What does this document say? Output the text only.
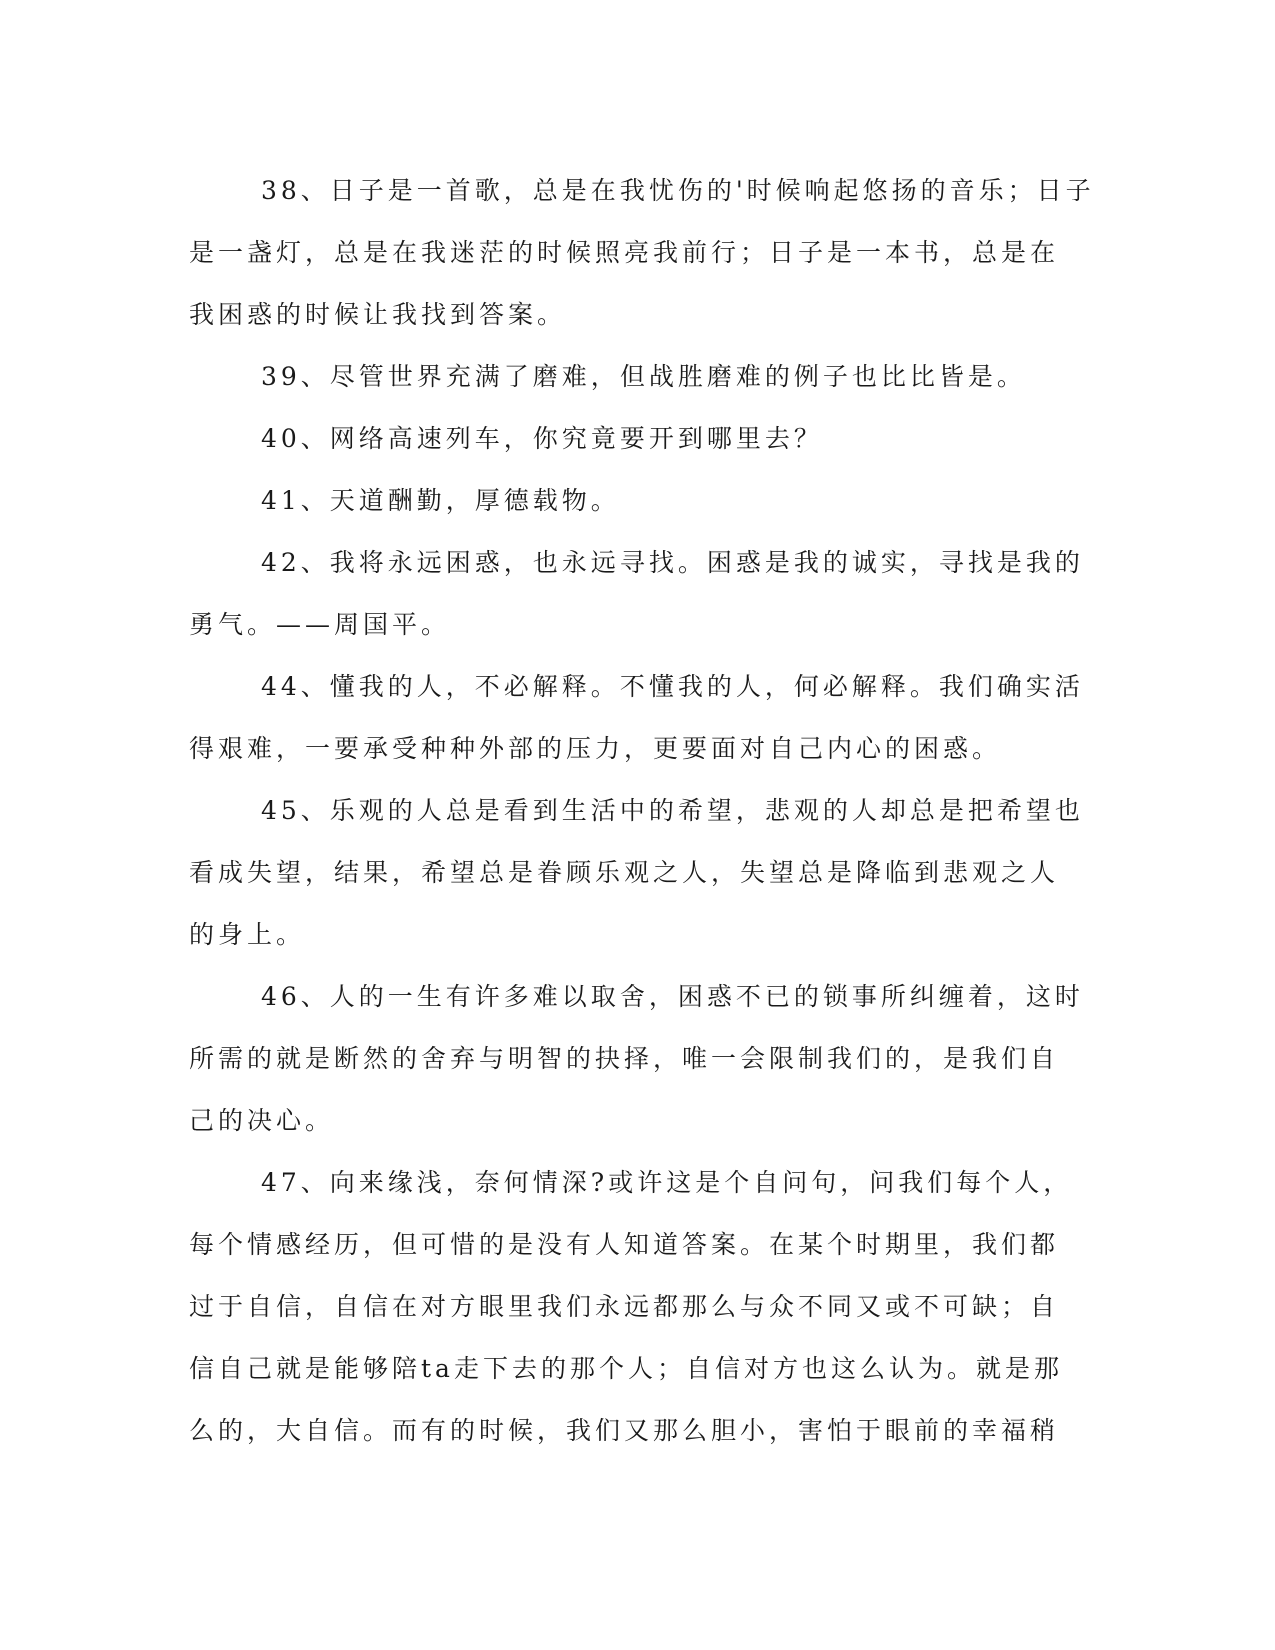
38、日子是一首歌，总是在我忧伤的'时候响起悠扬的音乐；日子
是一盏灯，总是在我迷茫的时候照亮我前行；日子是一本书，总是在
我困惑的时候让我找到答案。
39、尽管世界充满了磨难，但战胜磨难的例子也比比皆是。
40、网络高速列车，你究竟要开到哪里去？
41、天道酬勤，厚德载物。
42、我将永远困惑，也永远寻找。困惑是我的诚实，寻找是我的
勇气。——周国平。
44、懂我的人，不必解释。不懂我的人，何必解释。我们确实活
得艰难，一要承受种种外部的压力，更要面对自己内心的困惑。
45、乐观的人总是看到生活中的希望，悲观的人却总是把希望也
看成失望，结果，希望总是眷顾乐观之人，失望总是降临到悲观之人
的身上。
46、人的一生有许多难以取舍，困惑不已的锁事所纠缠着，这时
所需的就是断然的舍弃与明智的抉择，唯一会限制我们的，是我们自
己的决心。
47、向来缘浅，奈何情深?或许这是个自问句，问我们每个人，
每个情感经历，但可惜的是没有人知道答案。在某个时期里，我们都
过于自信，自信在对方眼里我们永远都那么与众不同又或不可缺；自
信自己就是能够陪ta走下去的那个人；自信对方也这么认为。就是那
么的，大自信。而有的时候，我们又那么胆小，害怕于眼前的幸福稍
